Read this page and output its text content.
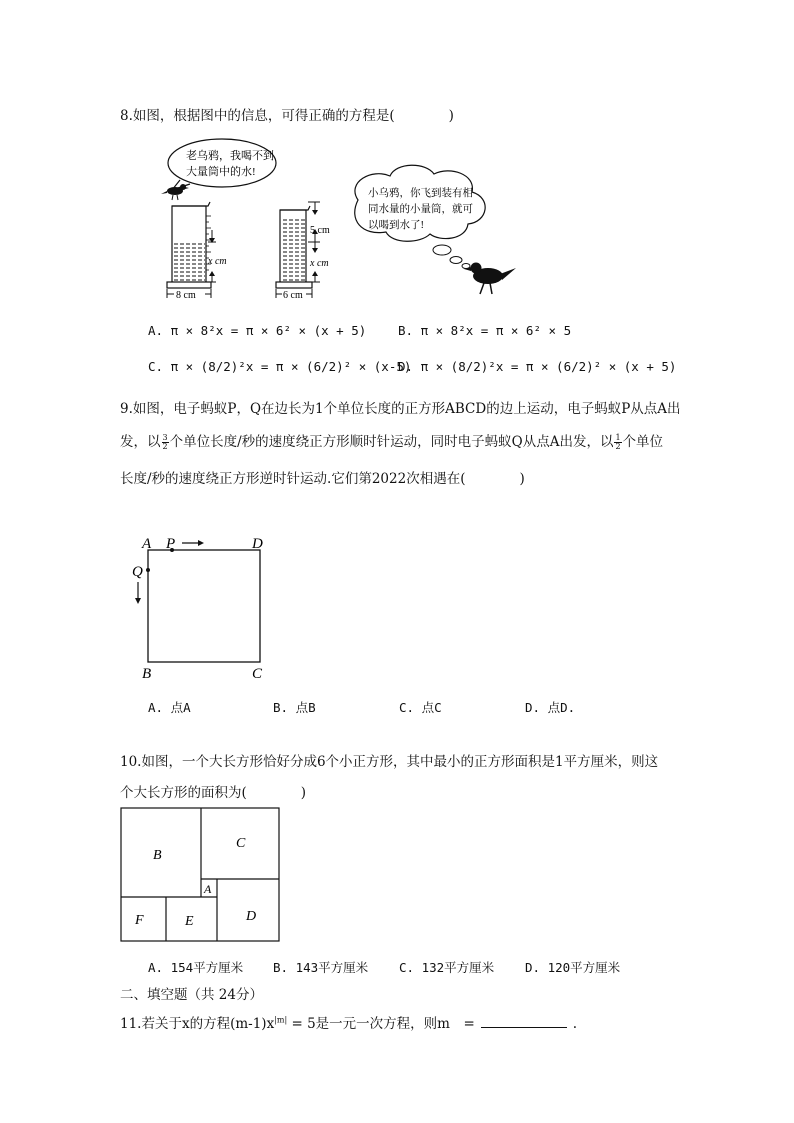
8.如图，根据图中的信息，可得正确的方程是(　　　　)
老乌鸦，我喝不到
大量筒中的水!
x cm
8 cm
5 cm
x cm
6 cm
小乌鸦，你飞到装有相
同水量的小量筒，就可
以喝到水了!
A. π × 8²x = π × 6² × (x + 5)	B. π × 8²x = π × 6² × 5
C. π × (8/2)²x = π × (6/2)² × (x-5)
D. π × (8/2)²x = π × (6/2)² × (x + 5)
9.如图，电子蚂蚁P，Q在边长为1个单位长度的正方形ABCD的边上运动，电子蚂蚁P从点A出
发，以 $\frac{3}{2}$ 个单位长度/秒的速度绕正方形顺时针运动，同时电子蚂蚁Q从点A出发，以 $\frac{1}{2}$ 个单位
长度/秒的速度绕正方形逆时针运动.它们第2022次相遇在(　　　　)
A P	D
Q
B	C
A. 点A	B. 点B	C. 点C	D. 点D.
10.如图，一个大长方形恰好分成6个小正方形，其中最小的正方形面积是1平方厘米，则这
个大长方形的面积为(　　　　)
B
C
A
D
E
F
A. 154平方厘米 B. 143平方厘米 C. 132平方厘米 D. 120平方厘米
二、填空题（共 24分）
11.若关于x的方程$(m-1)x^{|m|} = 5$是一元一次方程，则m　=	.
